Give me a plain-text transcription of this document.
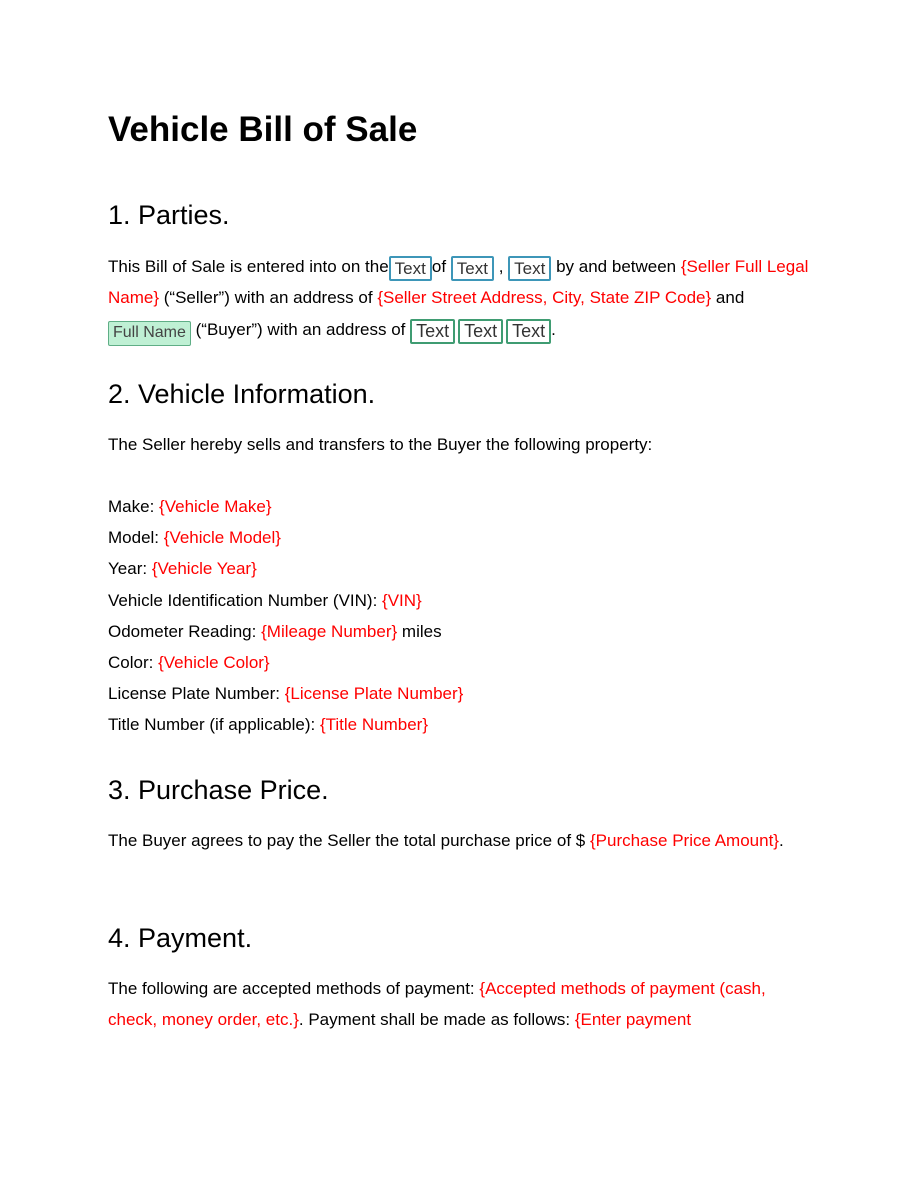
Vehicle Bill of Sale
1. Parties.

This Bill of Sale is entered into on the Text of Text , Text by and between {Seller Full Legal Name} (“Seller”) with an address of {Seller Street Address, City, State ZIP Code} and Full Name (“Buyer”) with an address of Text Text Text .

2. Vehicle Information.

The Seller hereby sells and transfers to the Buyer the following property:

Make: {Vehicle Make}
Model: {Vehicle Model}
Year: {Vehicle Year}
Vehicle Identification Number (VIN): {VIN}
Odometer Reading: {Mileage Number} miles
Color: {Vehicle Color}
License Plate Number: {License Plate Number}
Title Number (if applicable): {Title Number}
3. Purchase Price.

The Buyer agrees to pay the Seller the total purchase price of $ {Purchase Price Amount}.

4. Payment.

The following are accepted methods of payment: {Accepted methods of payment (cash, check, money order, etc.}. Payment shall be made as follows: {Enter payment
